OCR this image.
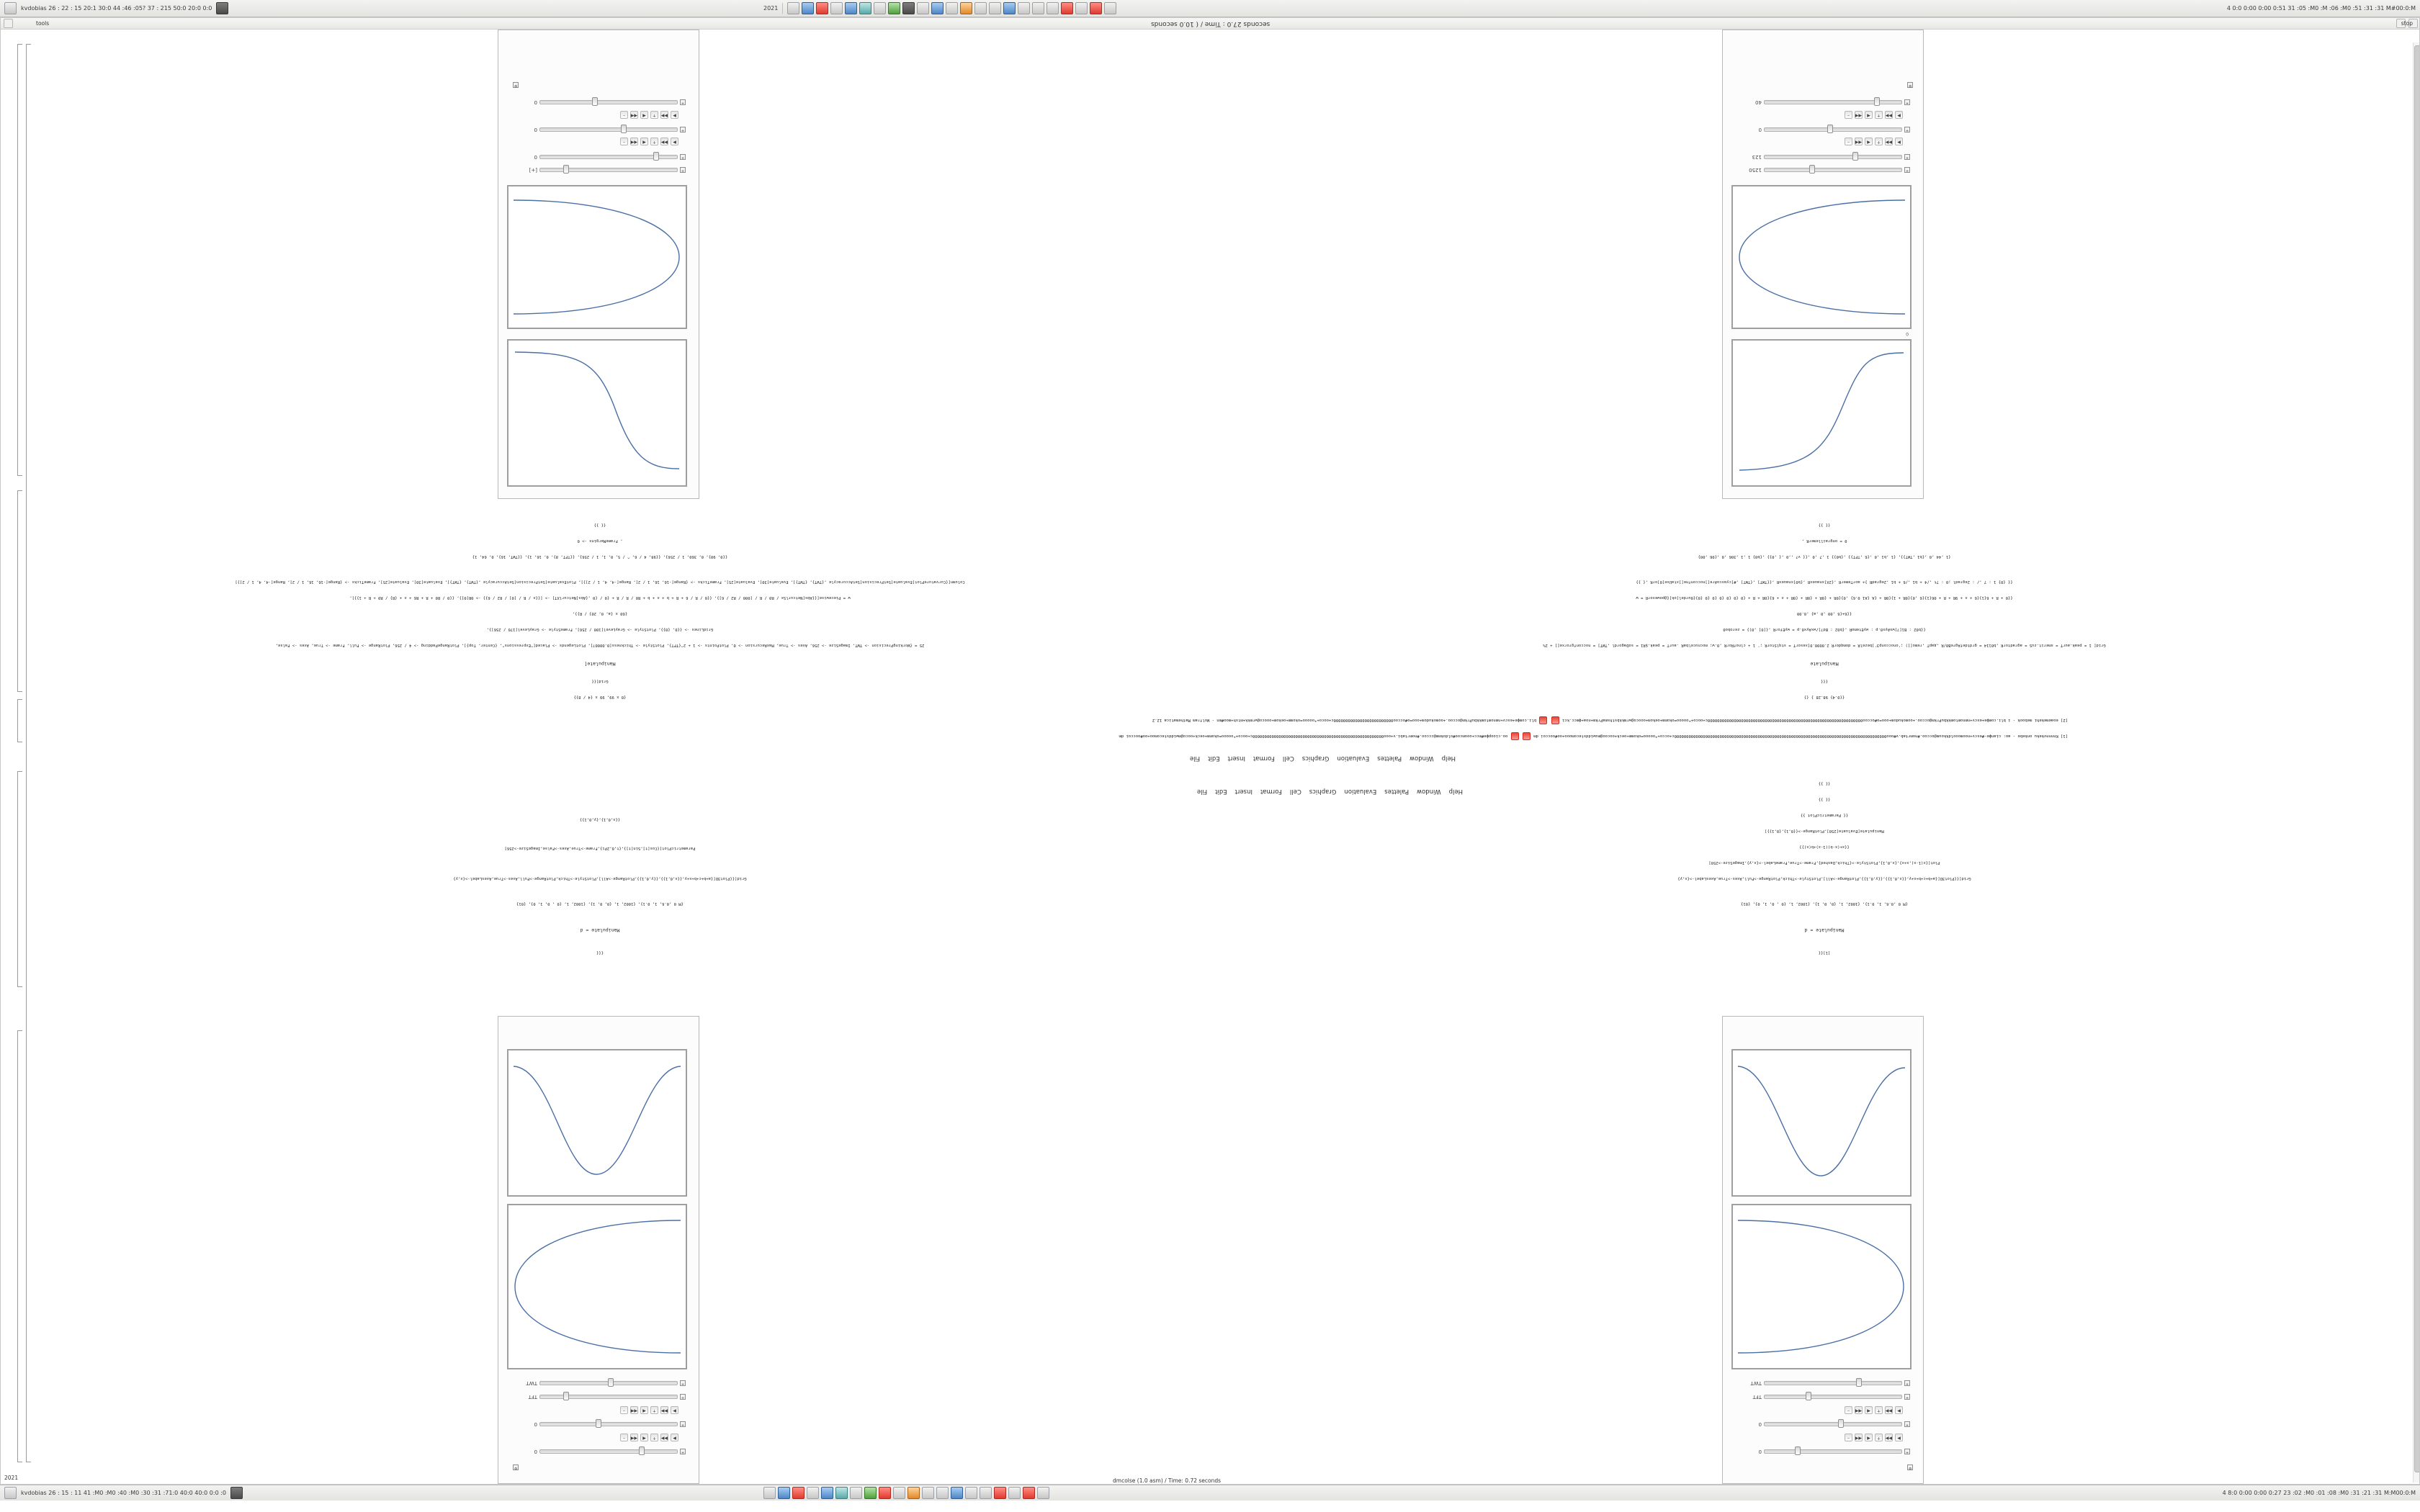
kvdobias 26 : 22 : 15 20:1 30:0 44 :46 :05? 37 : 215 50:0 20:0 0:0	2021	4 0:0 0:00 0:00 0:51 31 :05 :M0 :M :06 :M0 :51 :31 :31 M#00:0:M
seconds 27.0 : Time / ( 10.0 seconds
Help
Window
Palettes
Evaluation
Graphics
Cell
Format
Insert
Edit
File
Help
Window
Palettes
Evaluation
Graphics
Cell
Format
Insert
Edit
File
[1] Knnnnvkeku onkebe - ao: cianфe-#escv+noomoooldkkoum@occoo.#nomrtab.v#ooo00000000000000000000000000000000000000000000000000000000000000000000000000000000000000000c+occo+*ooooo=okomm+oeck+oocoo@muwiddstecomooo+oo#ooccoi dm   oo.cioopфe#mcc+ooomcoo#oldokmm@cccoo.#nomrtabi.v+ooo0000000000000000000000000000000000000000000000000000000c+ooco+*ooooo=okomm+oeck+ooco@mwiddstecomoo+oo#ooccoi dm
[2] eoaemekehi mebook - i bli.comфe+excv+nmnomtomkkbuPrkm@occoo.+oomokudom+ooo=o#occoo00000000000000000000000000000000000000000000000000000000000000000c+ooco+*ooooo=okomm+oekom+oooco@wrmkkbsthsmaPrkm+noa+фmcc.kci   bli.comфe+excv+nmnomtomkkbuPrkm@occoo.+oomokudom+ooo=o#occoo0000000000000000000000000c+ooco+*ooooo=okomm+oekom+oooco@wrmkk+mtsh+moo#mn - Wolfram Mathematica 12.2
0
+
1250
+
123
▶
▶▶
+
◀
◀◀
–
+
0
▶
▶▶
+
◀
◀◀
–
+
40
⚙
+
[+]
+
0
▶
▶▶
+
◀
◀◀
–
+
0
▶
▶▶
+
◀
◀◀
–
+
0
⚙
⚙
+
0
▶
▶▶
+
◀
◀◀
–
+
0
▶
▶▶
+
◀
◀◀
–
+
TFT
+
TWT
⚙
+
0
▶
▶▶
+
◀
◀◀
–
+
0
▶
▶▶
+
◀
◀◀
–
+
TFT
+
TWT
[1]{{
Manipulate = d
{M 0 ,0.6, 1, 0.1}, {1002, 1, {0, 0, 1}, {1002, 1, {0 , 0, 1, 0}, {01}
Grid[{{Plot3D[{a+b+c+b+x+y,{{x,0,1}},{{y,0,1}},PlotRange->All],PlotStyle->Thick,PlotRange->Full,Axes->True,AxesLabel->{x,y}
Plot[{x(1-x),x+x},{x,0,1},PlotStyle->{Thick,Dashed},Frame->True,FrameLabel->{x,y},ImageSize->250]
{{x+(x-b)(1-x)+b(x)}}
Manipulate[Evaluate[250],PlotRange->{{0,1},{0,1}}]
{{ ParametricPlot }}
{{ }}
{{ }}
{{{
Manipulate = d
{M 0 ,0.6, 1, 0.1}, {1002, 1, {0, 0, 1}, {1002, 1, {0 , 0, 1, 0}, {01}
Grid[{{Plot3D[{a+b+c+b+x+y,{{x,0,1}},{{y,0,1}},PlotRange->All],PlotStyle->Thick,PlotRange->Full,Axes->True,AxesLabel->{x,y}
ParametricPlot[{Cos[t],Sin[t]},{t,0,2Pi},Frame->True,Axes->False,ImageSize->256]
{{x,0,1},{y,0,1}}
{{0.4} 98.28 } {}
{{{
Manipulate
Grid[ 1 = peak.aurT = smerit.zuS = agradtorR ,b0114 = grdtdefAgreB0/R ,дapT ,remo[]) ;'onocconp3']bezelR = domqdorR 2.0000.0[xesorT = stqlStorR ;' 1 + clnofRorR ,0.w; mocnucelbaR .aurT = peak.$R1 = soDagordl ,TWT] = nocconfgrorxe[] + 2%
{{b02 : B1[?]wxAyx0.p : wyEtemoR ,{b02 : Bd?]/wxAyx0.p = wyEforR ,{[0] ,0)} = zerobo0
{{6+{6 ,00 ,0 ,a} ,0.00
{{0 + R + 6{1}{6 + x + 9R + R + 06{1}{6 ,0}{0R + 1}{0R + {A {A1 0.6} ,0}{0R + {0R + {0R + {0R + x + 6}{0R + R + {0 {0 {0 {0 {0 {0 {0}{0urdel[ok]{@powesorR = w
{{ {0} 1 : 7 ,/ : 2egradl ;0 : 7t ,/4 + b1 ,/6 + b1 ,2egradR }+ aorTemerR ,{2X]xnauexR ,{b0]xnauexR ,{{TWT] ,{TWT] ,#[cyascoAre[]nocconfne[]xtaUse[0]orR ,{ }}
{1 ,44 ,0 ,{b1 ,TWT}}, {1 ,b1 ,0 ,{6 ,TFT}} ,{b0}} 1 ,7 ,0 ,{{ v? ,,0 ,{ ,0}} ,{b0} 1 ,1 ,306 ,0 ,{06 ,00}
0 = ongraillemerR ,
{{ }}
{0 x 99, 99 x {4 / 8}}
Grid[{{
Manipulate[
25 = {WorkingPrecision -> TWT, ImageSize -> 256, Axes -> True, MaxRecursion -> 0, PlotPoints -> 1 + 2^{TFT}, PlotStyle -> Thickness[0.0000?], PlotLegends -> Placed["Expressions", {Center, Top}], PlotRangePadding -> 4 / 256, PlotRange -> Full, Frame -> True, Axes -> False,
GridLines -> {{0, {0}}, PlotStyle -> GrayLevel[100 / 256], FrameStyle -> GrayLevel[170 / 256]},
{60 x {a, 0, 20} / R}},
w = Piecewise[{{Abs[NetcurlSx / R0 / R / [000 / R2 / 6]}, {{0 / R / 6 + R + b + x + b + R0 / R / R + {0 / {0 ,{Abs[NetcurlXT] -> [{{x / R / [0] / R2 / 6}} -> 0R[0]}, {{0 / R0 + R + R6 + x + {R} / R0 + R + 1}}],
Column[{CurvaturePlot[Evaluate[SetPrecision[SetAccuracyle ,{TWT}, {TWT}], Evaluate[30], Evaluate[25], FrameTicks -> {Range[-16, 16, 1 / 2], Range[-4, 4, 1 / 2]}], PlotEvaluate[SetPrecision[SetAccuracyle ,{TWT}, {TWT}], Evaluate[30], Evaluate[25], FrameTicks -> {Range[-16, 16, 1 / 2], Range[-4, 4, 1 / 2]}]
{{0, 90}, 0, 360, 1 / 256}, {{98, 4 / 6, ^ / 5, 0, 1, 1 / 256}, {{TFT, 8}, 0, 16, 1}, {{TWT, 16}, 0, 64, 1}
, FrameMargins -> 0
{{ }}
kvdobias 26 : 15 : 11 41 :M0 :M0 :40 :M0 :30 :31 :71:0 40:0 40:0 0:0 :0	4 8:0 0:00 0:00 0:27 23 :02 :M0 :01 :08 :M0 :31 :21 :31 M:M00:0:M
dmcolse (1.0 asm) / Time: 0.72 seconds
2021
tools	stop
